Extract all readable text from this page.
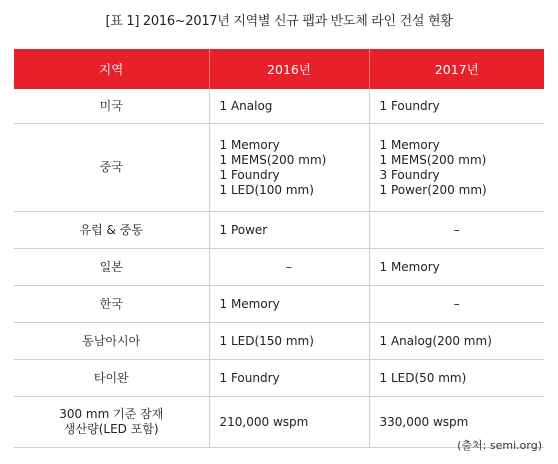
[표 1] 2016~2017년 지역별 신규 팹과 반도체 라인 건설 현황
지역	2016년	2017년
미국	1 Analog	1 Foundry
중국	1 Memory
1 MEMS(200 mm)
1 Foundry
1 LED(100 mm)	1 Memory
1 MEMS(200 mm)
3 Foundry
1 Power(200 mm)

유럽 & 중동	1 Power	–
일본	–	1 Memory
한국	1 Memory	–
동남아시아	1 LED(150 mm)	1 Analog(200 mm)
타이완	1 Foundry	1 LED(50 mm)

300 mm 기준 잠재
생산량(LED 포함)	210,000 wspm	330,000 wspm
(출처: semi.org)
